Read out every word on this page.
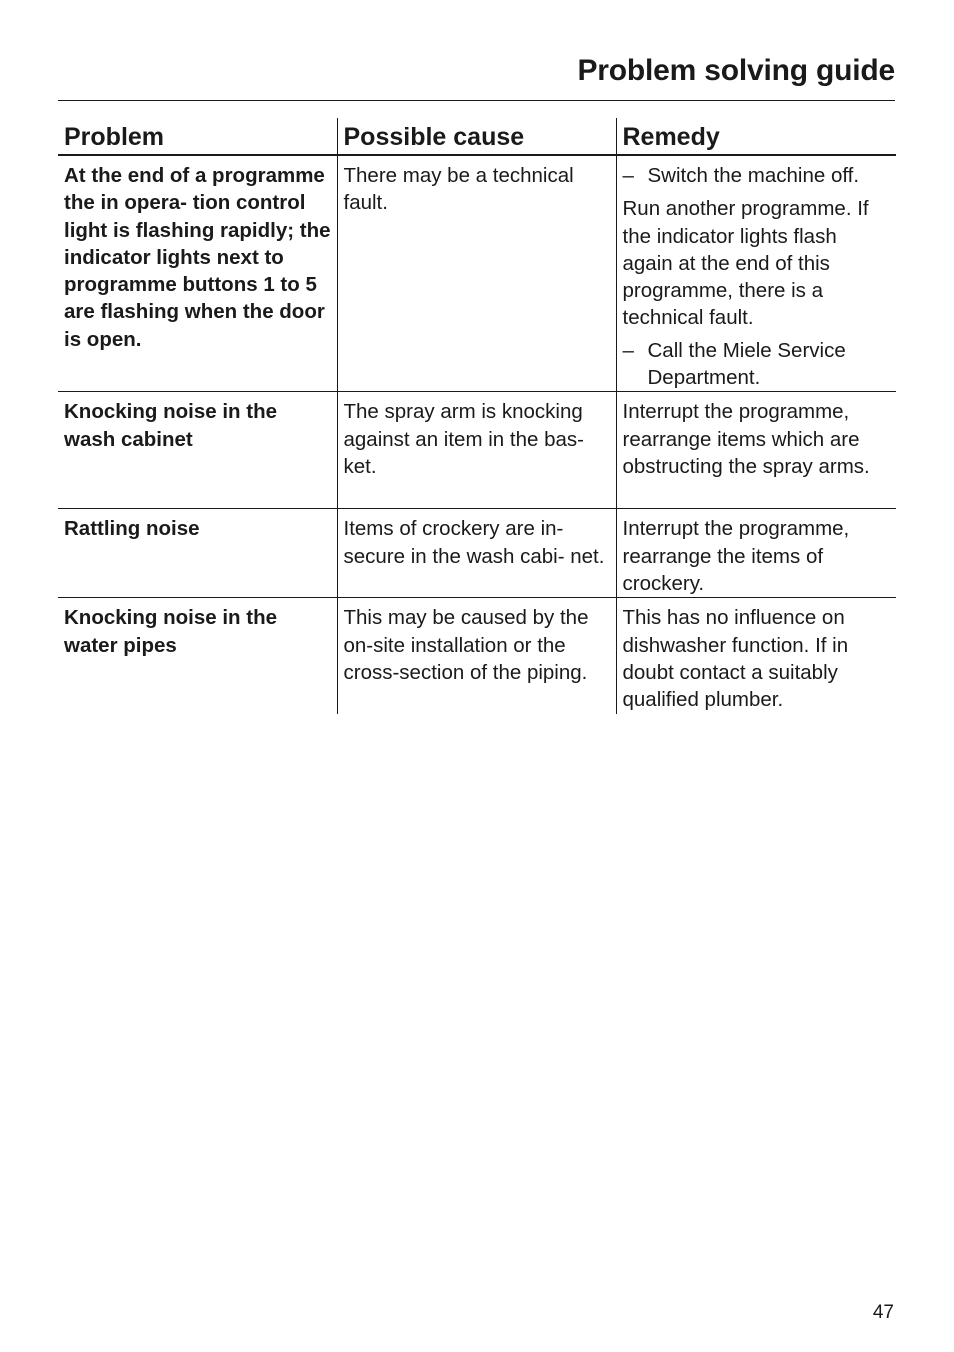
Problem solving guide
Problem	Possible cause	Remedy
At the end of a programme the in opera- tion control light is flashing rapidly; the indicator lights next to programme buttons 1 to 5 are flashing when the door is open.	There may be a technical fault.	– Switch the machine off.
Run another programme. If the indicator lights flash again at the end of this programme, there is a technical fault.
– Call the Miele Service Department.

Knocking noise in the wash cabinet	The spray arm is knocking against an item in the bas- ket.	Interrupt the programme, rearrange items which are obstructing the spray arms.
Rattling noise	Items of crockery are in- secure in the wash cabi- net.	Interrupt the programme, rearrange the items of crockery.
Knocking noise in the water pipes	This may be caused by the on-site installation or the cross-section of the piping.	This has no influence on dishwasher function. If in doubt contact a suitably qualified plumber.
47
